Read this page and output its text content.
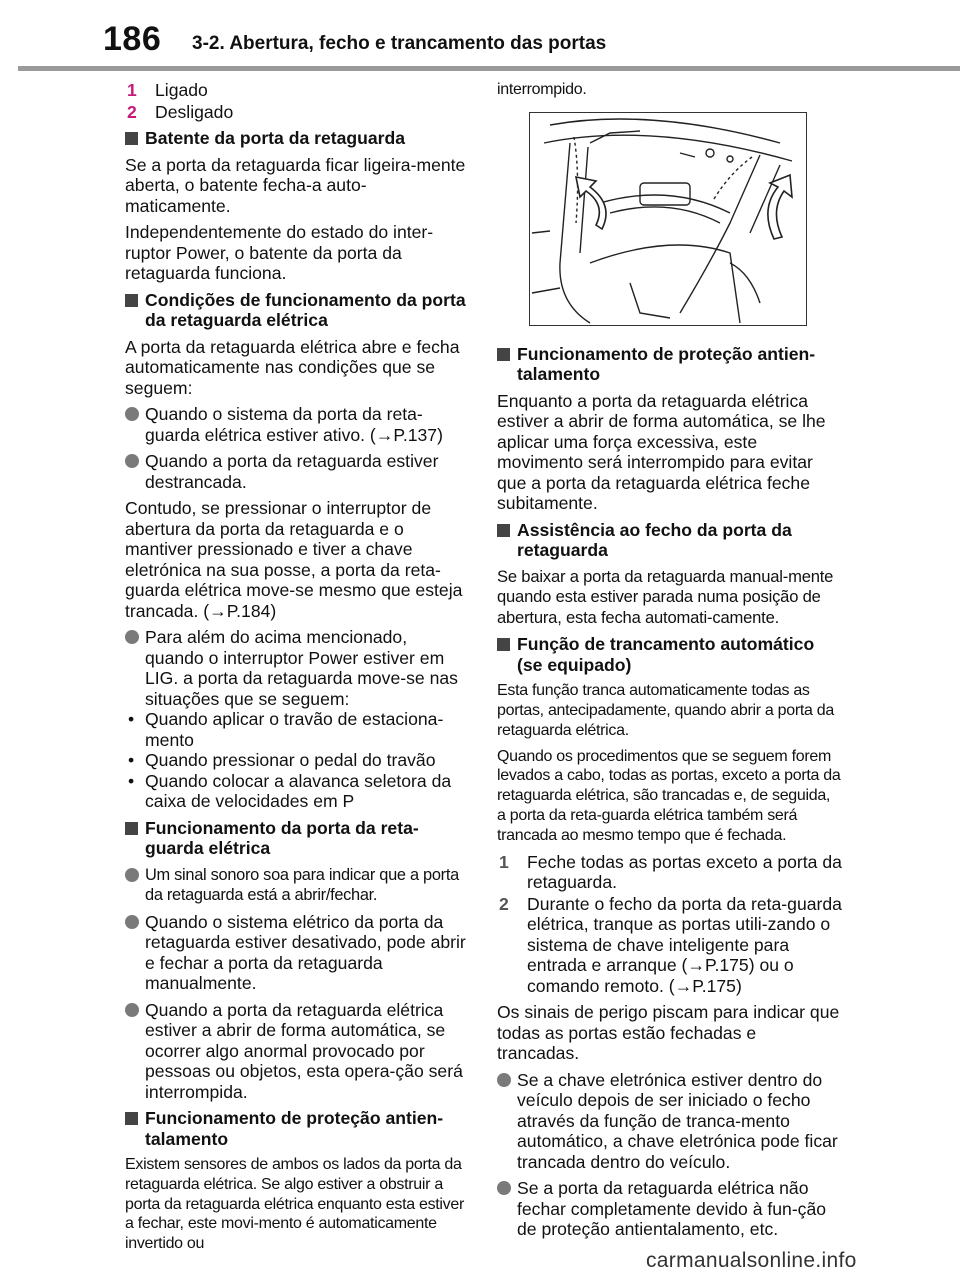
186 3-2. Abertura, fecho e trancamento das portas
1 Ligado
2 Desligado
Batente da porta da retaguarda

Se a porta da retaguarda ficar ligeira-mente aberta, o batente fecha-a auto-maticamente.

Independentemente do estado do inter-ruptor Power, o batente da porta da retaguarda funciona.

Condições de funcionamento da porta da retaguarda elétrica

A porta da retaguarda elétrica abre e fecha automaticamente nas condições que se seguem:

Quando o sistema da porta da reta-guarda elétrica estiver ativo. (→P.137)
Quando a porta da retaguarda estiver destrancada.

Contudo, se pressionar o interruptor de abertura da porta da retaguarda e o mantiver pressionado e tiver a chave eletrónica na sua posse, a porta da reta-guarda elétrica move-se mesmo que esteja trancada. (→P.184)

Para além do acima mencionado, quando o interruptor Power estiver em LIG. a porta da retaguarda move-se nas situações que se seguem:
• Quando aplicar o travão de estaciona-mento
• Quando pressionar o pedal do travão
• Quando colocar a alavanca seletora da caixa de velocidades em P
Funcionamento da porta da reta-guarda elétrica
Um sinal sonoro soa para indicar que a porta da retaguarda está a abrir/fechar.
Quando o sistema elétrico da porta da retaguarda estiver desativado, pode abrir e fechar a porta da retaguarda manualmente.
Quando a porta da retaguarda elétrica estiver a abrir de forma automática, se ocorrer algo anormal provocado por pessoas ou objetos, esta opera-ção será interrompida.
Funcionamento de proteção antien-talamento

Existem sensores de ambos os lados da porta da retaguarda elétrica. Se algo estiver a obstruir a porta da retaguarda elétrica enquanto esta estiver a fechar, este movi-mento é automaticamente invertido ou

interrompido.

Funcionamento de proteção antien-talamento

Enquanto a porta da retaguarda elétrica estiver a abrir de forma automática, se lhe aplicar uma força excessiva, este movimento será interrompido para evitar que a porta da retaguarda elétrica feche subitamente.

Assistência ao fecho da porta da retaguarda

Se baixar a porta da retaguarda manual-mente quando esta estiver parada numa posição de abertura, esta fecha automati-camente.

Função de trancamento automático (se equipado)

Esta função tranca automaticamente todas as portas, antecipadamente, quando abrir a porta da retaguarda elétrica.

Quando os procedimentos que se seguem forem levados a cabo, todas as portas, exceto a porta da retaguarda elétrica, são trancadas e, de seguida, a porta da reta-guarda elétrica também será trancada ao mesmo tempo que é fechada.

1 Feche todas as portas exceto a porta da retaguarda.
2 Durante o fecho da porta da reta-guarda elétrica, tranque as portas utili-zando o sistema de chave inteligente para entrada e arranque (→P.175) ou o comando remoto. (→P.175)

Os sinais de perigo piscam para indicar que todas as portas estão fechadas e trancadas.

Se a chave eletrónica estiver dentro do veículo depois de ser iniciado o fecho através da função de tranca-mento automático, a chave eletrónica pode ficar trancada dentro do veículo.
Se a porta da retaguarda elétrica não fechar completamente devido à fun-ção de proteção antientalamento, etc.
carmanualsonline.info
